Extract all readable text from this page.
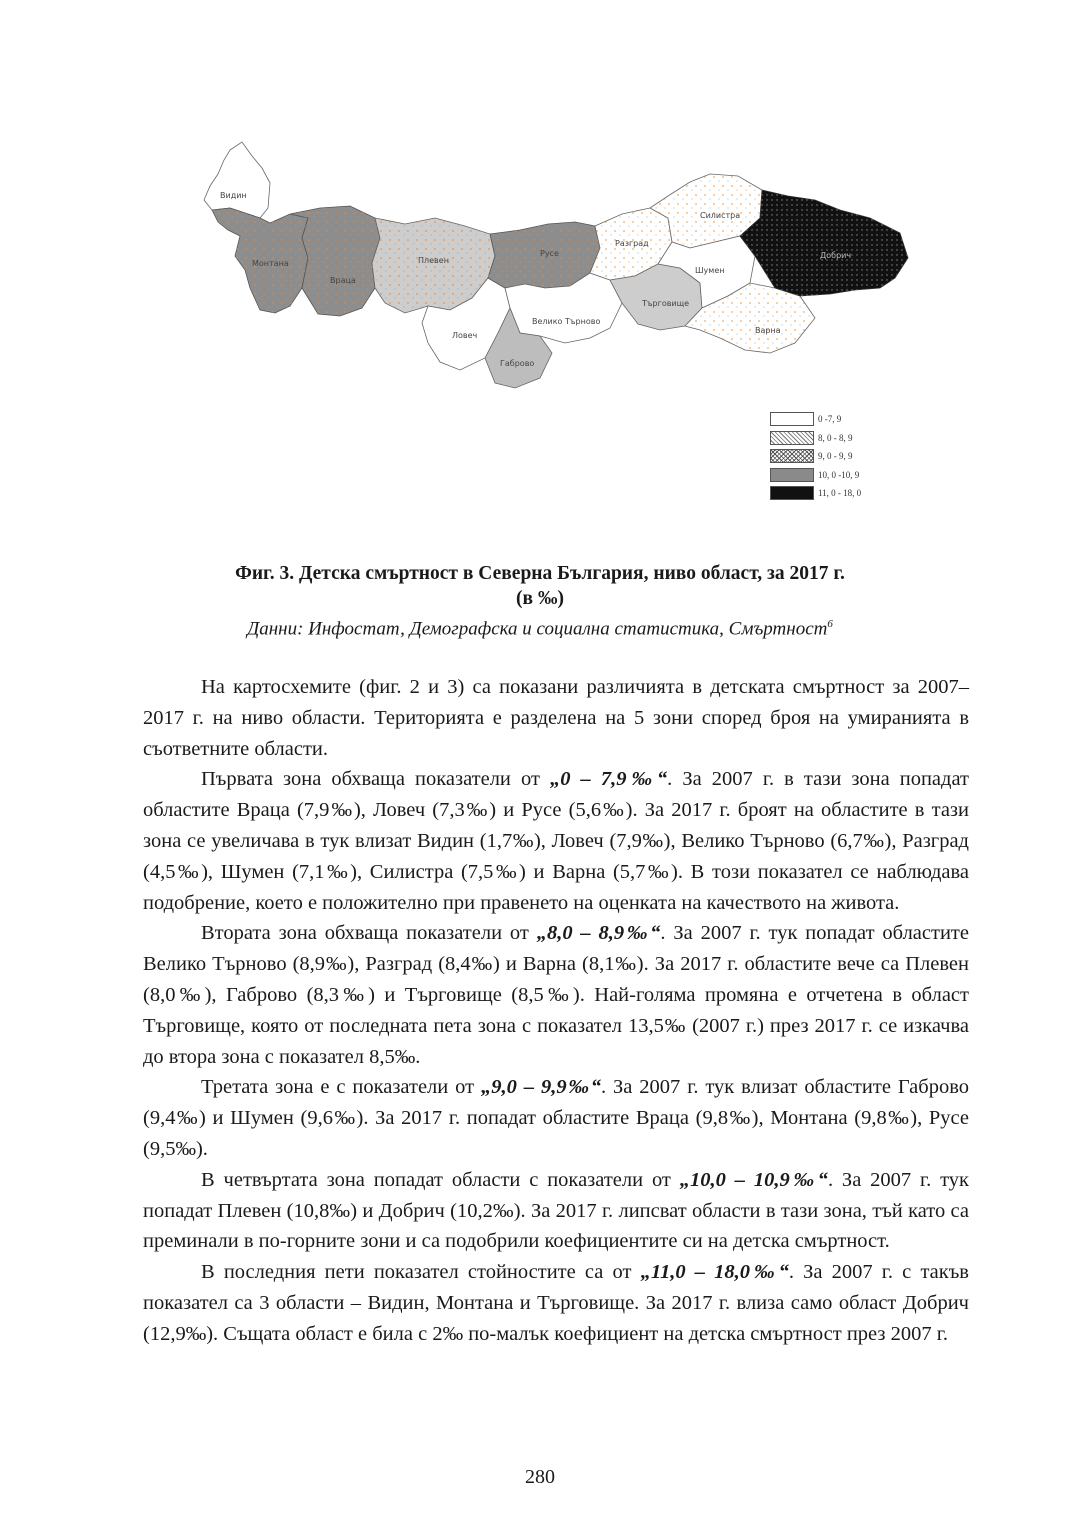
Видин
Монтана
Враца
Плевен
Ловеч
Русе
Велико Търново
Габрово
Разград
Търговище
Шумен
Силистра
Добрич
Варна
0 -7, 9
8, 0 - 8, 9
9, 0 - 9, 9
10, 0 -10, 9
11, 0 - 18, 0
Фиг. 3. Детска смъртност в Северна България, ниво област, за 2017 г.
(в ‰)
Данни: Инфостат, Демографска и социална статистика, Смъртност$^6$

На картосхемите (фиг. 2 и 3) са показани различията в детската смъртност за 2007–2017 г. на ниво области. Територията е разделена на 5 зони според броя на умиранията в съответните области.

Първата зона обхваща показатели от „0 – 7,9‰“. За 2007 г. в тази зона попадат областите Враца (7,9‰), Ловеч (7,3‰) и Русе (5,6‰). За 2017 г. броят на областите в тази зона се увеличава в тук влизат Видин (1,7‰), Ловеч (7,9‰), Велико Търново (6,7‰), Разград (4,5‰), Шумен (7,1‰), Силистра (7,5‰) и Варна (5,7‰). В този показател се наблюдава подобрение, което е положително при правенето на оценката на качеството на живота.

Втората зона обхваща показатели от „8,0 – 8,9‰“. За 2007 г. тук попадат областите Велико Търново (8,9‰), Разград (8,4‰) и Варна (8,1‰). За 2017 г. областите вече са Плевен (8,0‰), Габрово (8,3‰) и Търговище (8,5‰). Най-голяма промяна е отчетена в област Търговище, която от последната пета зона с показател 13,5‰ (2007 г.) през 2017 г. се изкачва до втора зона с показател 8,5‰.

Третата зона е с показатели от „9,0 – 9,9‰“. За 2007 г. тук влизат областите Габрово (9,4‰) и Шумен (9,6‰). За 2017 г. попадат областите Враца (9,8‰), Монтана (9,8‰), Русе (9,5‰).

В четвъртата зона попадат области с показатели от „10,0 – 10,9‰“. За 2007 г. тук попадат Плевен (10,8‰) и Добрич (10,2‰). За 2017 г. липсват области в тази зона, тъй като са преминали в по-горните зони и са подобрили коефициентите си на детска смъртност.

В последния пети показател стойностите са от „11,0 – 18,0‰“. За 2007 г. с такъв показател са 3 области – Видин, Монтана и Търговище. За 2017 г. влиза само област Добрич (12,9‰). Същата област е била с 2‰ по-малък коефициент на детска смъртност през 2007 г.

280
